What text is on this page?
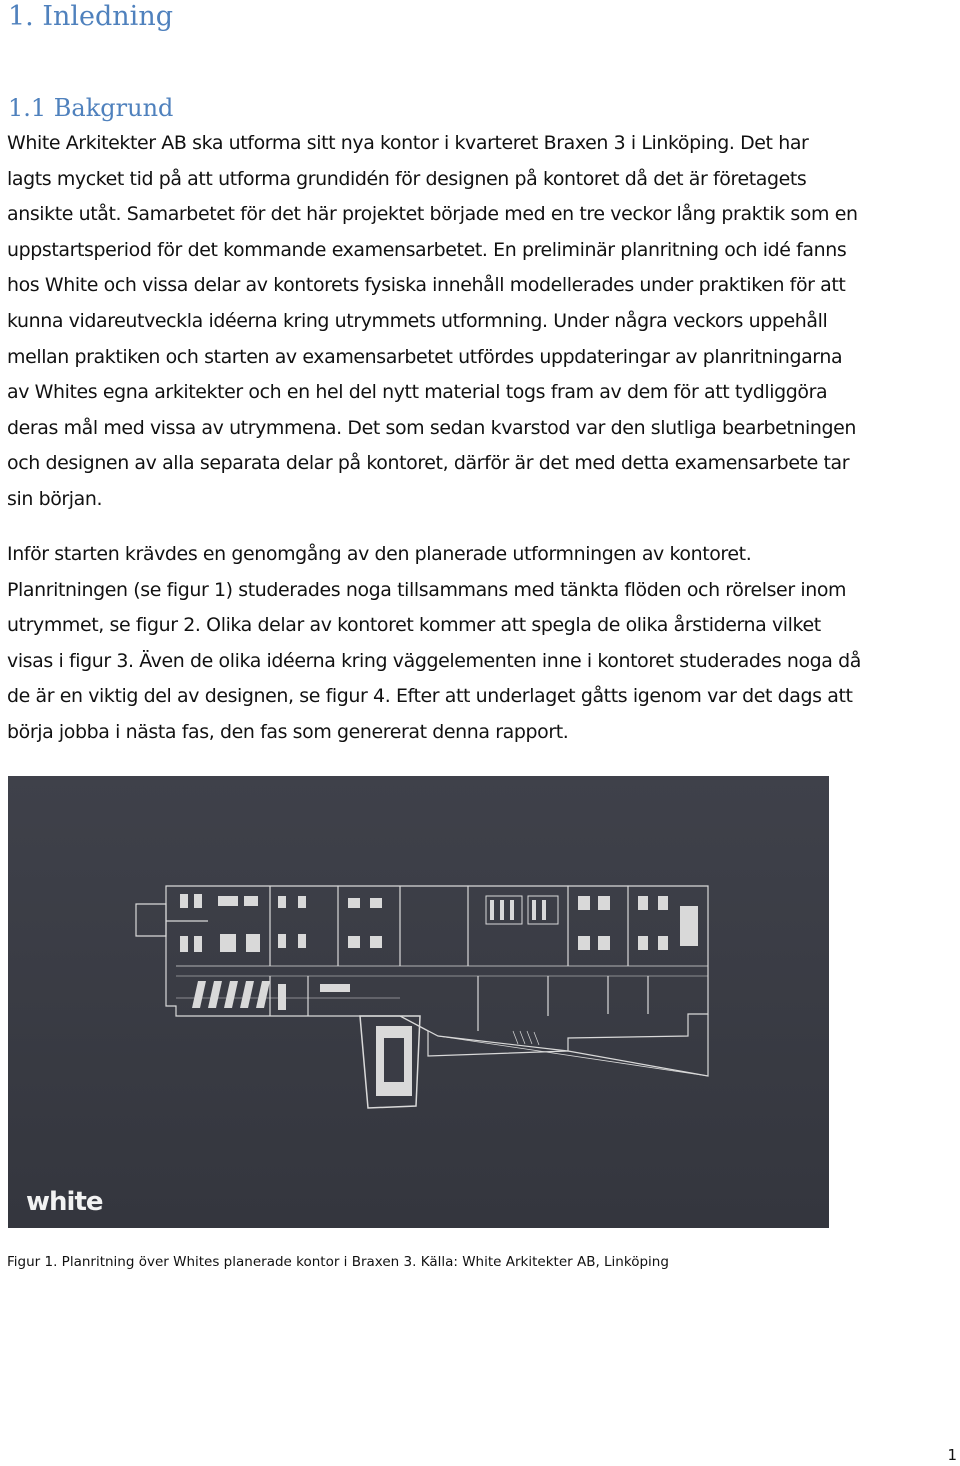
1. Inledning
1.1 Bakgrund
White Arkitekter AB ska utforma sitt nya kontor i kvarteret Braxen 3 i Linköping. Det har
lagts mycket tid på att utforma grundidén för designen på kontoret då det är företagets
ansikte utåt. Samarbetet för det här projektet började med en tre veckor lång praktik som en
uppstartsperiod för det kommande examensarbetet. En preliminär planritning och idé fanns
hos White och vissa delar av kontorets fysiska innehåll modellerades under praktiken för att
kunna vidareutveckla idéerna kring utrymmets utformning. Under några veckors uppehåll
mellan praktiken och starten av examensarbetet utfördes uppdateringar av planritningarna
av Whites egna arkitekter och en hel del nytt material togs fram av dem för att tydliggöra
deras mål med vissa av utrymmena. Det som sedan kvarstod var den slutliga bearbetningen
och designen av alla separata delar på kontoret, därför är det med detta examensarbete tar
sin början.
Inför starten krävdes en genomgång av den planerade utformningen av kontoret.
Planritningen (se figur 1) studerades noga tillsammans med tänkta flöden och rörelser inom
utrymmet, se figur 2. Olika delar av kontoret kommer att spegla de olika årstiderna vilket
visas i figur 3. Även de olika idéerna kring väggelementen inne i kontoret studerades noga då
de är en viktig del av designen, se figur 4. Efter att underlaget gåtts igenom var det dags att
börja jobba i nästa fas, den fas som genererat denna rapport.
white
Figur 1. Planritning över Whites planerade kontor i Braxen 3. Källa: White Arkitekter AB, Linköping
1
